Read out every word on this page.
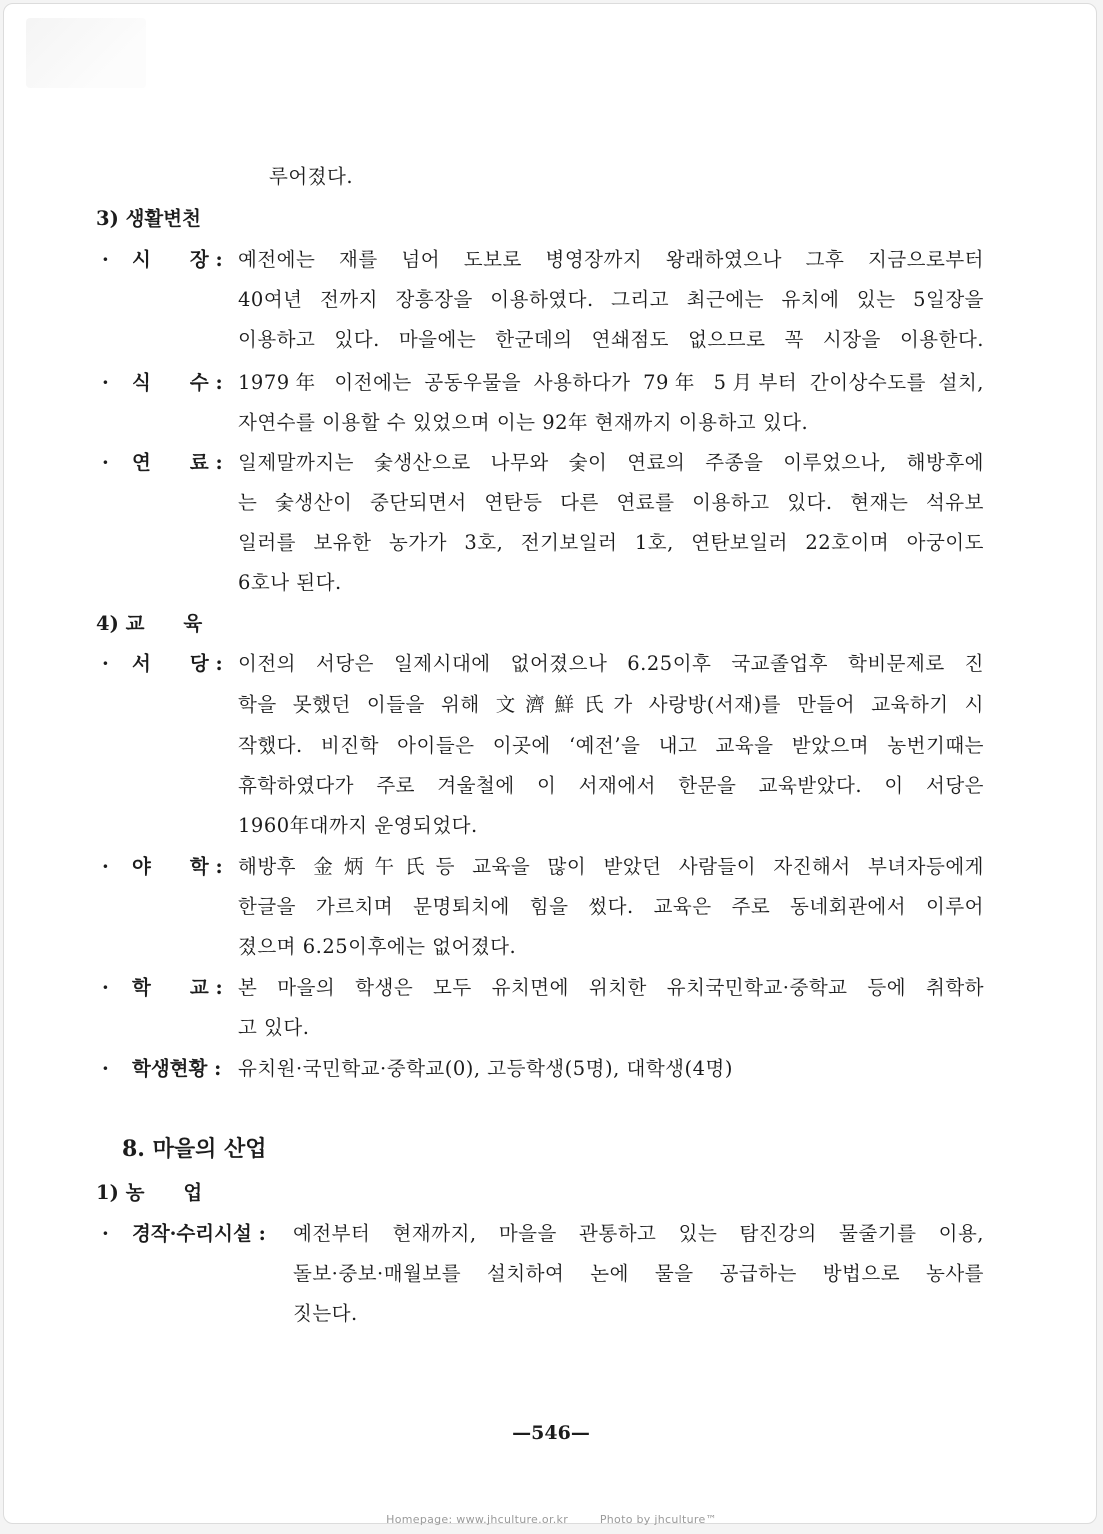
루어졌다.
3) 생활변천
· 시　　장 : 예전에는 재를 넘어 도보로 병영장까지 왕래하였으나 그후 지금으로부터
40여년 전까지 장흥장을 이용하였다. 그리고 최근에는 유치에 있는 5일장을
이용하고 있다. 마을에는 한군데의 연쇄점도 없으므로 꼭 시장을 이용한다.
· 식　　수 : 1979年 이전에는 공동우물을 사용하다가 79年 5月부터 간이상수도를 설치,
자연수를 이용할 수 있었으며 이는 92年 현재까지 이용하고 있다.
· 연　　료 : 일제말까지는 숯생산으로 나무와 숯이 연료의 주종을 이루었으나, 해방후에
는 숯생산이 중단되면서 연탄등 다른 연료를 이용하고 있다. 현재는 석유보
일러를 보유한 농가가 3호, 전기보일러 1호, 연탄보일러 22호이며 아궁이도
6호나 된다.
4) 교　　육
· 서　　당 : 이전의 서당은 일제시대에 없어졌으나 6.25이후 국교졸업후 학비문제로 진
학을 못했던 이들을 위해 文濟鮮氏가 사랑방(서재)를 만들어 교육하기 시
작했다. 비진학 아이들은 이곳에 ‘예전’을 내고 교육을 받았으며 농번기때는
휴학하였다가 주로 겨울철에 이 서재에서 한문을 교육받았다. 이 서당은
1960年대까지 운영되었다.
· 야　　학 : 해방후 金炳午氏등 교육을 많이 받았던 사람들이 자진해서 부녀자등에게
한글을 가르치며 문명퇴치에 힘을 썼다. 교육은 주로 동네회관에서 이루어
졌으며 6.25이후에는 없어졌다.
· 학　　교 : 본 마을의 학생은 모두 유치면에 위치한 유치국민학교·중학교 등에 취학하
고 있다.
· 학생현황 : 유치원·국민학교·중학교(0), 고등학생(5명), 대학생(4명)
8. 마을의 산업
1) 농　　업
· 경작·수리시설 : 예전부터 현재까지, 마을을 관통하고 있는 탐진강의 물줄기를 이용,
돌보·중보·매월보를 설치하여 논에 물을 공급하는 방법으로 농사를
짓는다.
—546—
Homepage: www.jhculture.or.kr	Photo by jhculture™
